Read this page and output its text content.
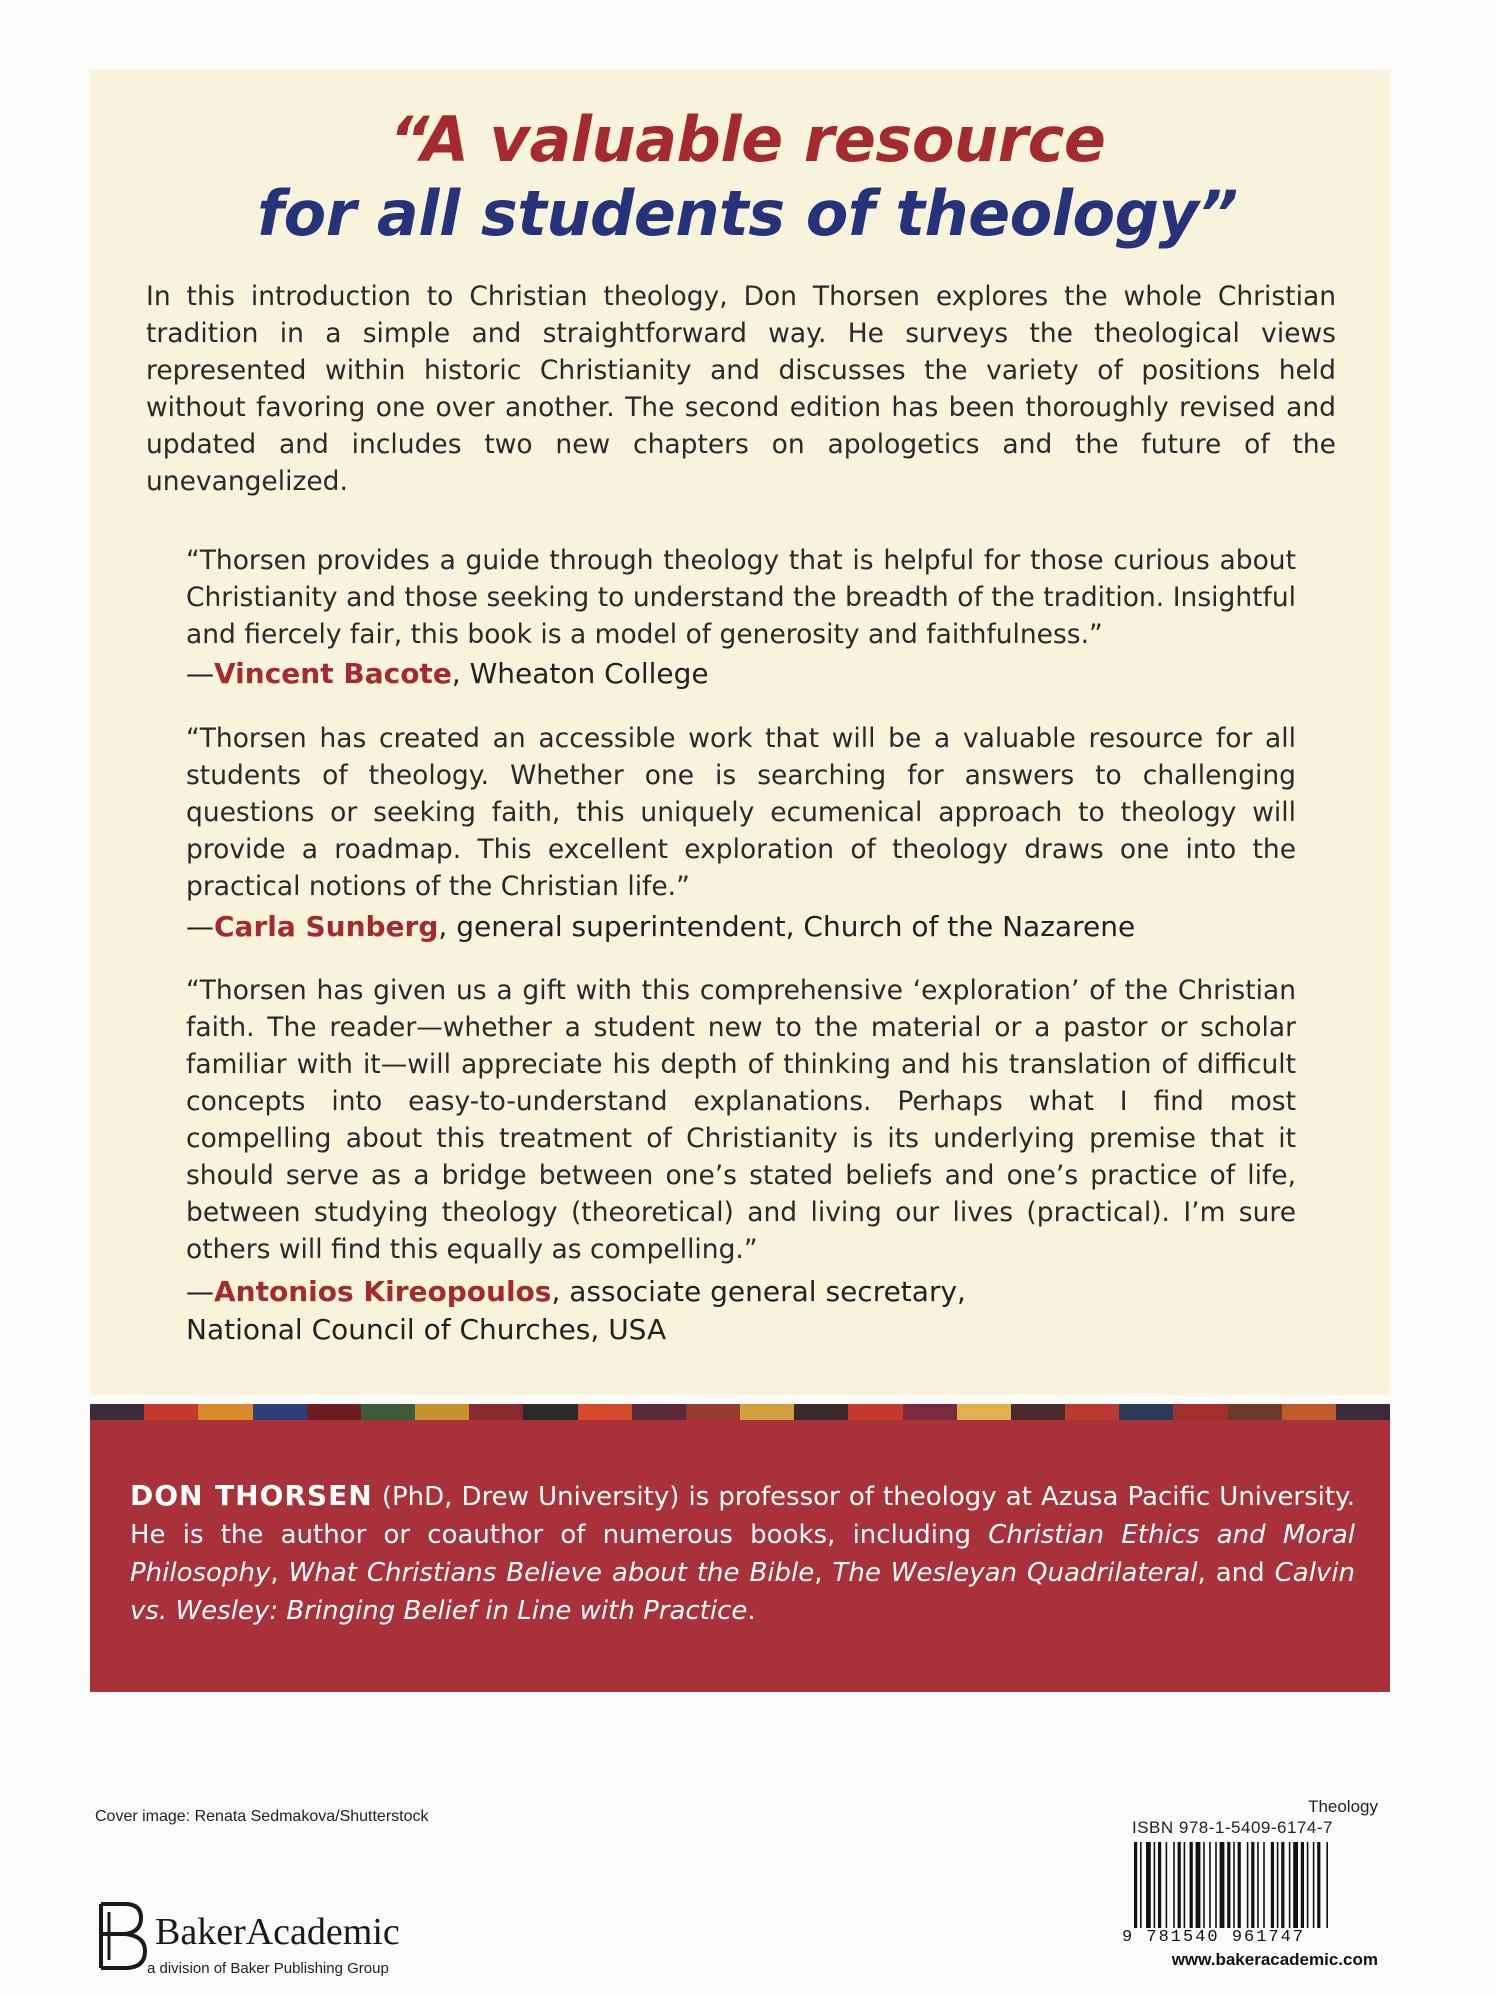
“A valuable resource
for all students of theology”

In this introduction to Christian theology, Don Thorsen explores the whole Christian tradition in a simple and straightforward way. He surveys the theological views represented within historic Christianity and discusses the variety of positions held without favoring one over another. The second edition has been thoroughly revised and updated and includes two new chapters on apologetics and the future of the unevangelized.

“Thorsen provides a guide through theology that is helpful for those curious about Christianity and those seeking to understand the breadth of the tradition. Insightful and fiercely fair, this book is a model of generosity and faithfulness.”

—Vincent Bacote, Wheaton College

“Thorsen has created an accessible work that will be a valuable resource for all students of theology. Whether one is searching for answers to challenging questions or seeking faith, this uniquely ecumenical approach to theology will provide a roadmap. This excellent exploration of theology draws one into the practical notions of the Christian life.”

—Carla Sunberg, general superintendent, Church of the Nazarene

“Thorsen has given us a gift with this comprehensive ‘exploration’ of the Christian faith. The reader—whether a student new to the material or a pastor or scholar familiar with it—will appreciate his depth of thinking and his translation of difficult concepts into easy-to-understand explanations. Perhaps what I find most compelling about this treatment of Christianity is its underlying premise that it should serve as a bridge between one’s stated beliefs and one’s practice of life, between studying theology (theoretical) and living our lives (practical). I’m sure others will find this equally as compelling.”

—Antonios Kireopoulos, associate general secretary,
National Council of Churches, USA

DON THORSEN (PhD, Drew University) is professor of theology at Azusa Pacific University. He is the author or coauthor of numerous books, including Christian Ethics and Moral Philosophy, What Christians Believe about the Bible, The Wesleyan Quadrilateral, and Calvin vs. Wesley: Bringing Belief in Line with Practice.

Cover image: Renata Sedmakova/Shutterstock
BakerAcademic
a division of Baker Publishing Group
Theology
ISBN 978-1-5409-6174-7
9 781540 961747
www.bakeracademic.com
